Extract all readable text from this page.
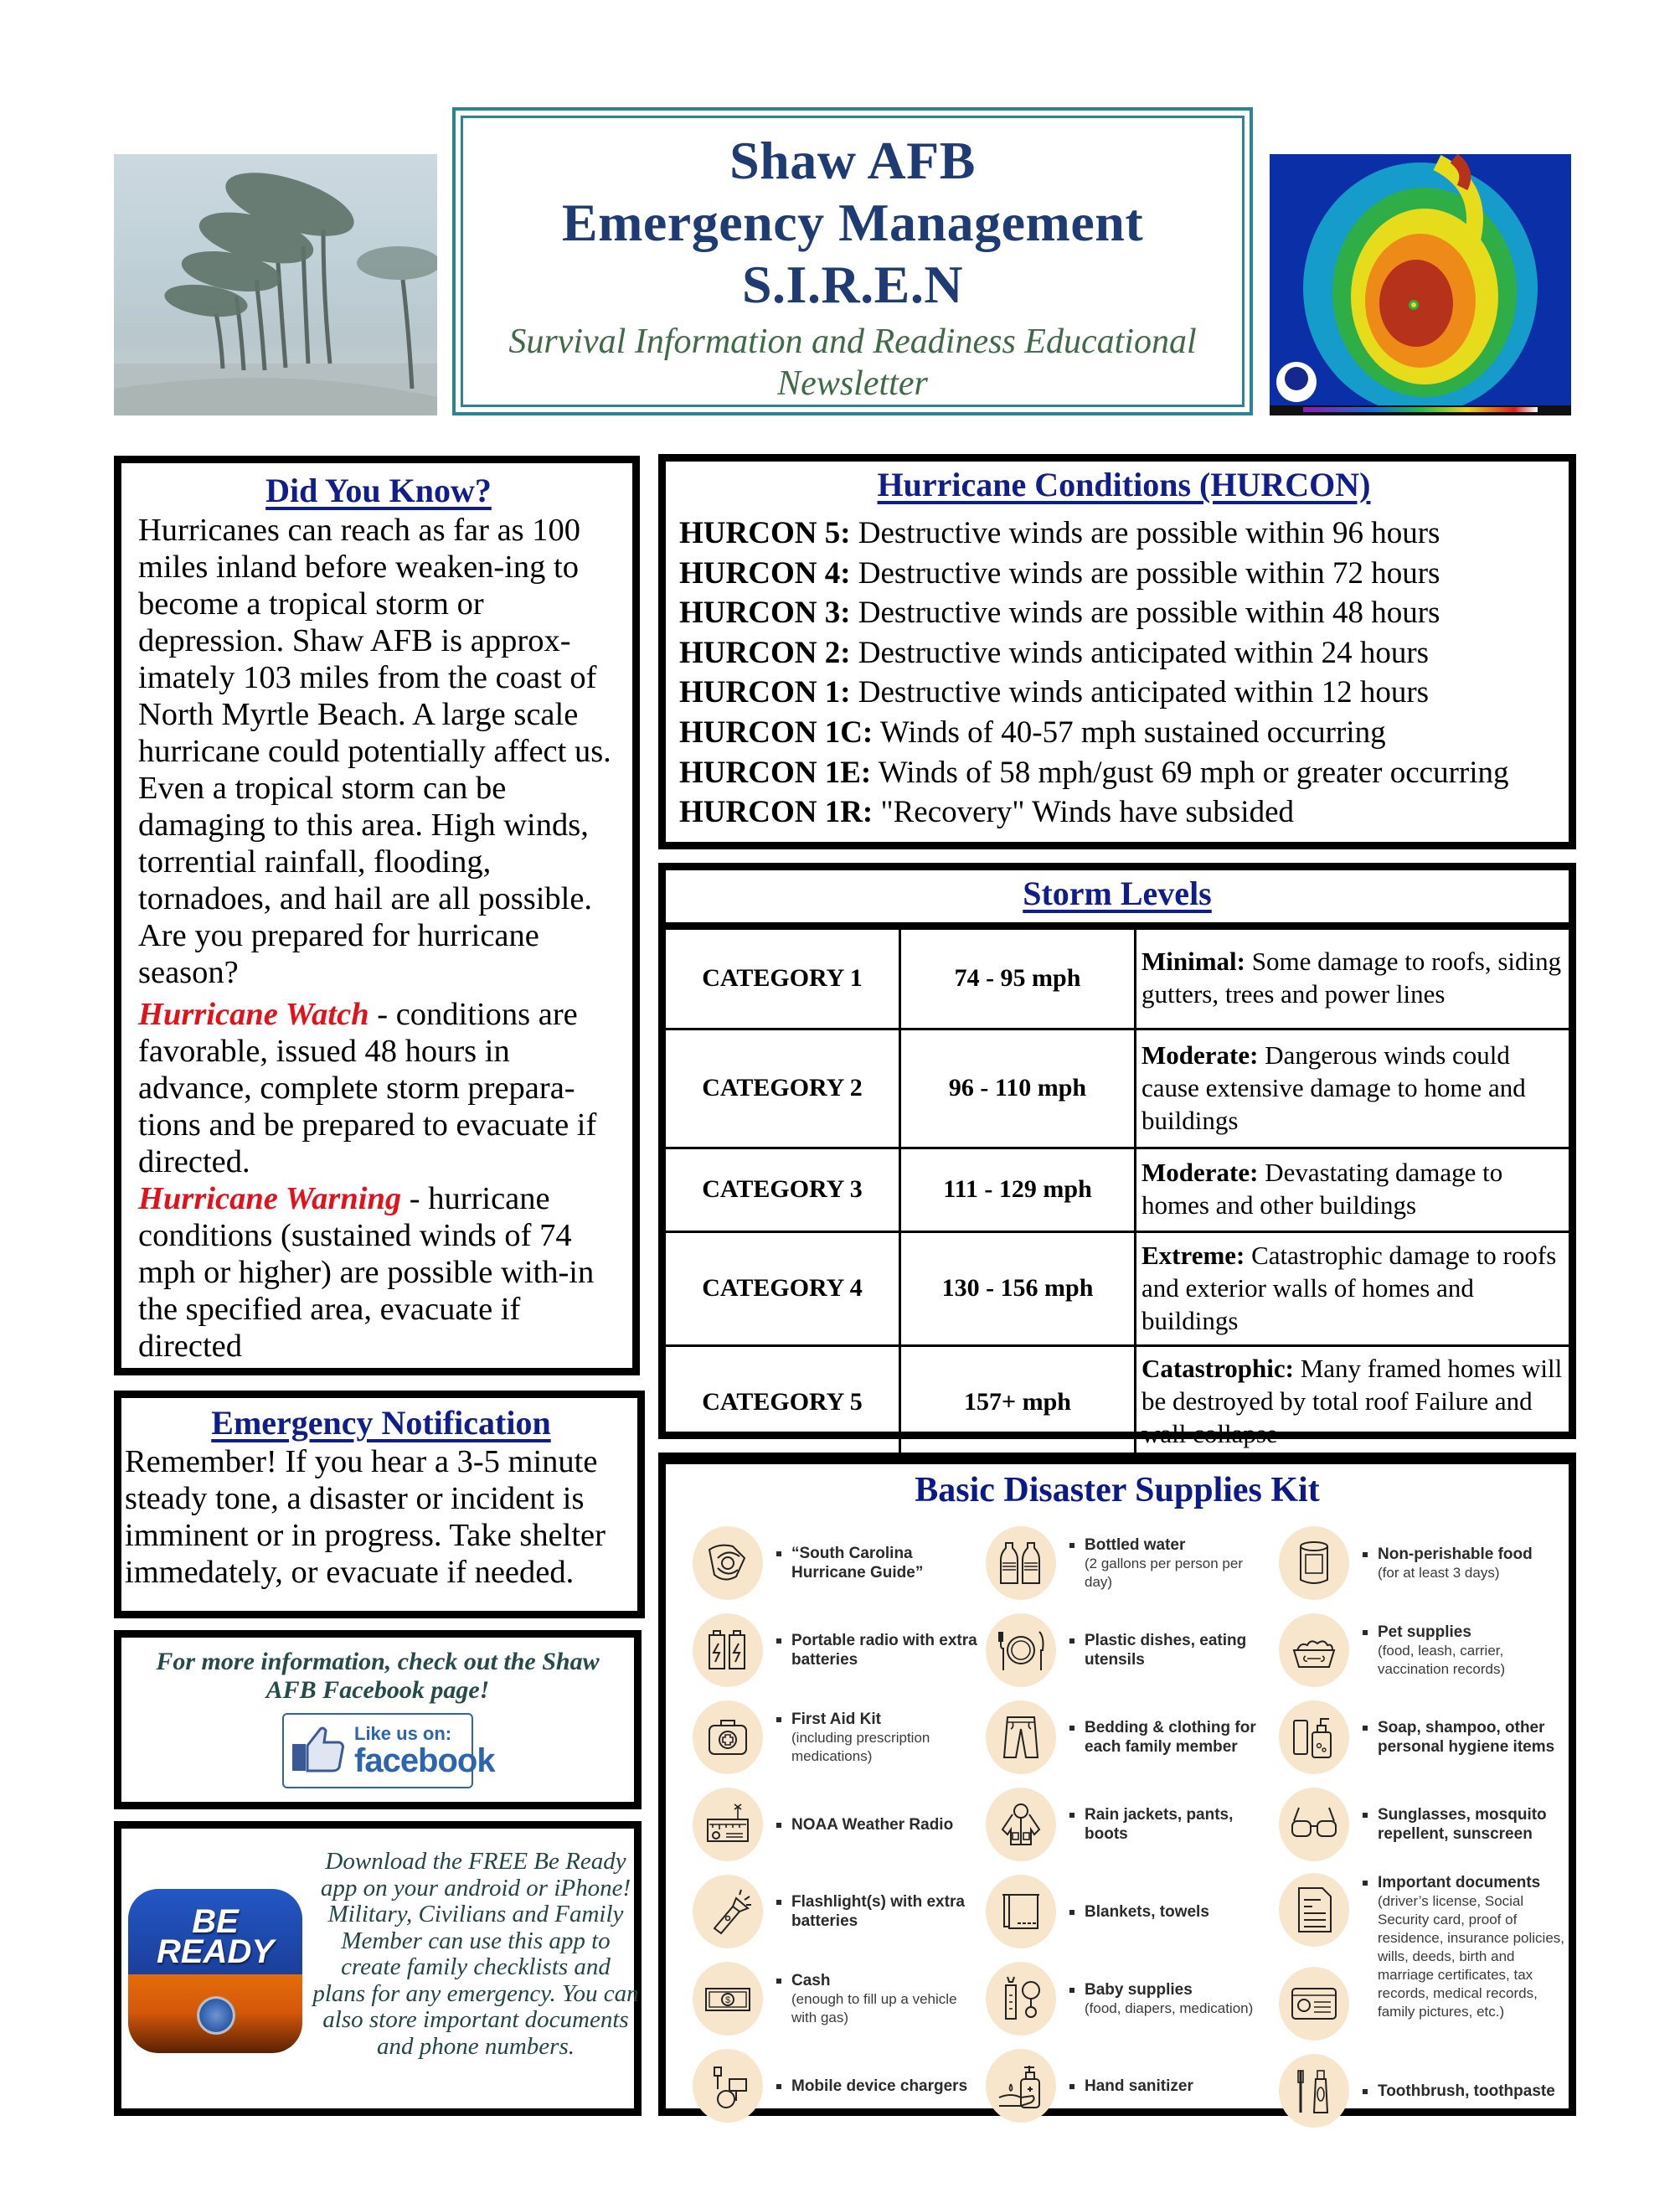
Shaw AFB
Emergency Management
S.I.R.E.N
Survival Information and Readiness Educational
Newsletter
Did You Know?

Hurricanes can reach as far as 100 miles inland before weaken-ing to become a tropical storm or depression. Shaw AFB is approx-imately 103 miles from the coast of North Myrtle Beach. A large scale hurricane could potentially affect us. Even a tropical storm can be damaging to this area. High winds, torrential rainfall, flooding, tornadoes, and hail are all possible. Are you prepared for hurricane season?

Hurricane Watch - conditions are favorable, issued 48 hours in advance, complete storm prepara-tions and be prepared to evacuate if directed.

Hurricane Warning - hurricane conditions (sustained winds of 74 mph or higher) are possible with-in the specified area, evacuate if directed

Hurricane Conditions (HURCON)
HURCON 5: Destructive winds are possible within 96 hours
HURCON 4: Destructive winds are possible within 72 hours
HURCON 3: Destructive winds are possible within 48 hours
HURCON 2: Destructive winds anticipated within 24 hours
HURCON 1: Destructive winds anticipated within 12 hours
HURCON 1C: Winds of 40-57 mph sustained occurring
HURCON 1E: Winds of 58 mph/gust 69 mph or greater occurring
HURCON 1R: "Recovery" Winds have subsided
Storm Levels
CATEGORY 1	74 - 95 mph	Minimal: Some damage to roofs, siding gutters, trees and power lines
CATEGORY 2	96 - 110 mph	Moderate: Dangerous winds could cause extensive damage to home and buildings
CATEGORY 3	111 - 129 mph	Moderate: Devastating damage to homes and other buildings
CATEGORY 4	130 - 156 mph	Extreme: Catastrophic damage to roofs and exterior walls of homes and buildings
CATEGORY 5	157+ mph	Catastrophic: Many framed homes will be destroyed by total roof Failure and wall collapse
Emergency Notification
Remember! If you hear a 3-5 minute steady tone, a disaster or incident is imminent or in progress. Take shelter immedately, or evacuate if needed.
For more information, check out the Shaw AFB Facebook page!
Like us on:
facebook
BE
READY
Download the FREE Be Ready app on your android or iPhone! Military, Civilians and Family Member can use this app to create family checklists and plans for any emergency. You can also store important documents and phone numbers.
Basic Disaster Supplies Kit
“South Carolina Hurricane Guide”
Portable radio with extra batteries
First Aid Kit
(including prescription medications)
NOAA Weather Radio
Flashlight(s) with extra batteries
$
Cash
(enough to fill up a vehicle with gas)
Mobile device chargers
Bottled water
(2 gallons per person per day)
Plastic dishes, eating utensils
Bedding & clothing for each family member
Rain jackets, pants, boots
Blankets, towels
Baby supplies
(food, diapers, medication)
Hand sanitizer
Non-perishable food
(for at least 3 days)
Pet supplies
(food, leash, carrier, vaccination records)
Soap, shampoo, other personal hygiene items
Sunglasses, mosquito repellent, sunscreen
Important documents
(driver’s license, Social Security card, proof of residence, insurance policies, wills, deeds, birth and marriage certificates, tax records, medical records, family pictures, etc.)
Toothbrush, toothpaste
